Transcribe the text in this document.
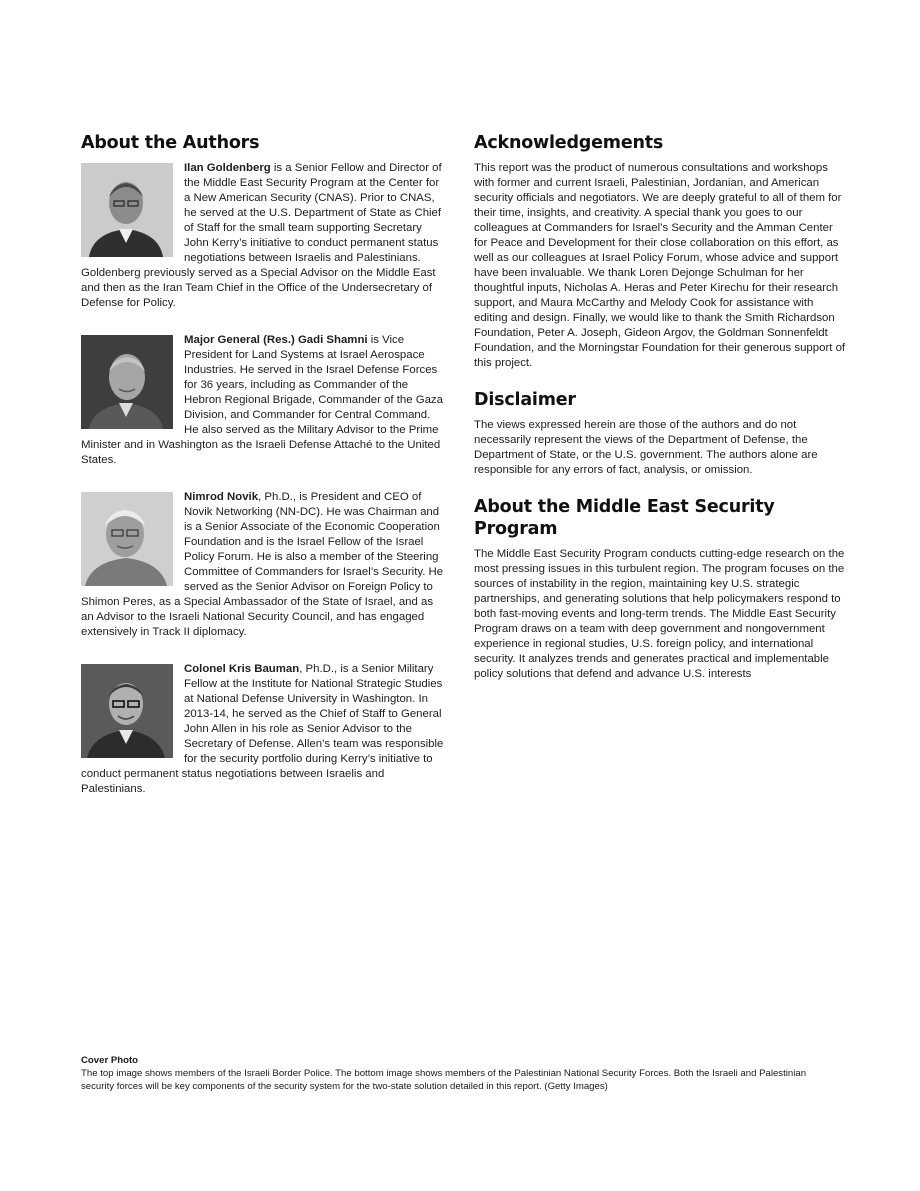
About the Authors

Ilan Goldenberg is a Senior Fellow and Director of the Middle East Security Program at the Center for a New American Security (CNAS). Prior to CNAS, he served at the U.S. Department of State as Chief of Staff for the small team supporting Secretary John Kerry’s initiative to conduct permanent status negotiations between Israelis and Palestinians. Goldenberg previously served as a Special Advisor on the Middle East and then as the Iran Team Chief in the Office of the Undersecretary of Defense for Policy.

Major General (Res.) Gadi Shamni is Vice President for Land Systems at Israel Aerospace Industries. He served in the Israel Defense Forces for 36 years, including as Commander of the Hebron Regional Brigade, Commander of the Gaza Division, and Commander for Central Command. He also served as the Military Advisor to the Prime Minister and in Washington as the Israeli Defense Attaché to the United States.

Nimrod Novik, Ph.D., is President and CEO of Novik Networking (NN-DC). He was Chairman and is a Senior Associate of the Economic Cooperation Foundation and is the Israel Fellow of the Israel Policy Forum. He is also a member of the Steering Committee of Commanders for Israel’s Security. He served as the Senior Advisor on Foreign Policy to Shimon Peres, as a Special Ambassador of the State of Israel, and as an Advisor to the Israeli National Security Council, and has engaged extensively in Track II diplomacy.

Colonel Kris Bauman, Ph.D., is a Senior Military Fellow at the Institute for National Strategic Studies at National Defense University in Washington. In 2013-14, he served as the Chief of Staff to General John Allen in his role as Senior Advisor to the Secretary of Defense. Allen’s team was responsible for the security portfolio during Kerry’s initiative to conduct permanent status negotiations between Israelis and Palestinians.

Acknowledgements

This report was the product of numerous consultations and workshops with former and current Israeli, Palestinian, Jordanian, and American security officials and negotiators. We are deeply grateful to all of them for their time, insights, and creativity. A special thank you goes to our colleagues at Commanders for Israel’s Security and the Amman Center for Peace and Development for their close collaboration on this effort, as well as our colleagues at Israel Policy Forum, whose advice and support have been invaluable. We thank Loren Dejonge Schulman for her thoughtful inputs, Nicholas A. Heras and Peter Kirechu for their research support, and Maura McCarthy and Melody Cook for assistance with editing and design. Finally, we would like to thank the Smith Richardson Foundation, Peter A. Joseph, Gideon Argov, the Goldman Sonnenfeldt Foundation, and the Morningstar Foundation for their generous support of this project.

Disclaimer

The views expressed herein are those of the authors and do not necessarily represent the views of the Department of Defense, the Department of State, or the U.S. government. The authors alone are responsible for any errors of fact, analysis, or omission.

About the Middle East Security Program

The Middle East Security Program conducts cutting-edge research on the most pressing issues in this turbulent region. The program focuses on the sources of instability in the region, maintaining key U.S. strategic partnerships, and generating solutions that help policymakers respond to both fast-moving events and long-term trends. The Middle East Security Program draws on a team with deep government and nongovernment experience in regional studies, U.S. foreign policy, and international security. It analyzes trends and generates practical and implementable policy solutions that defend and advance U.S. interests

Cover Photo
The top image shows members of the Israeli Border Police. The bottom image shows members of the Palestinian National Security Forces. Both the Israeli and Palestinian security forces will be key components of the security system for the two-state solution detailed in this report. (Getty Images)
